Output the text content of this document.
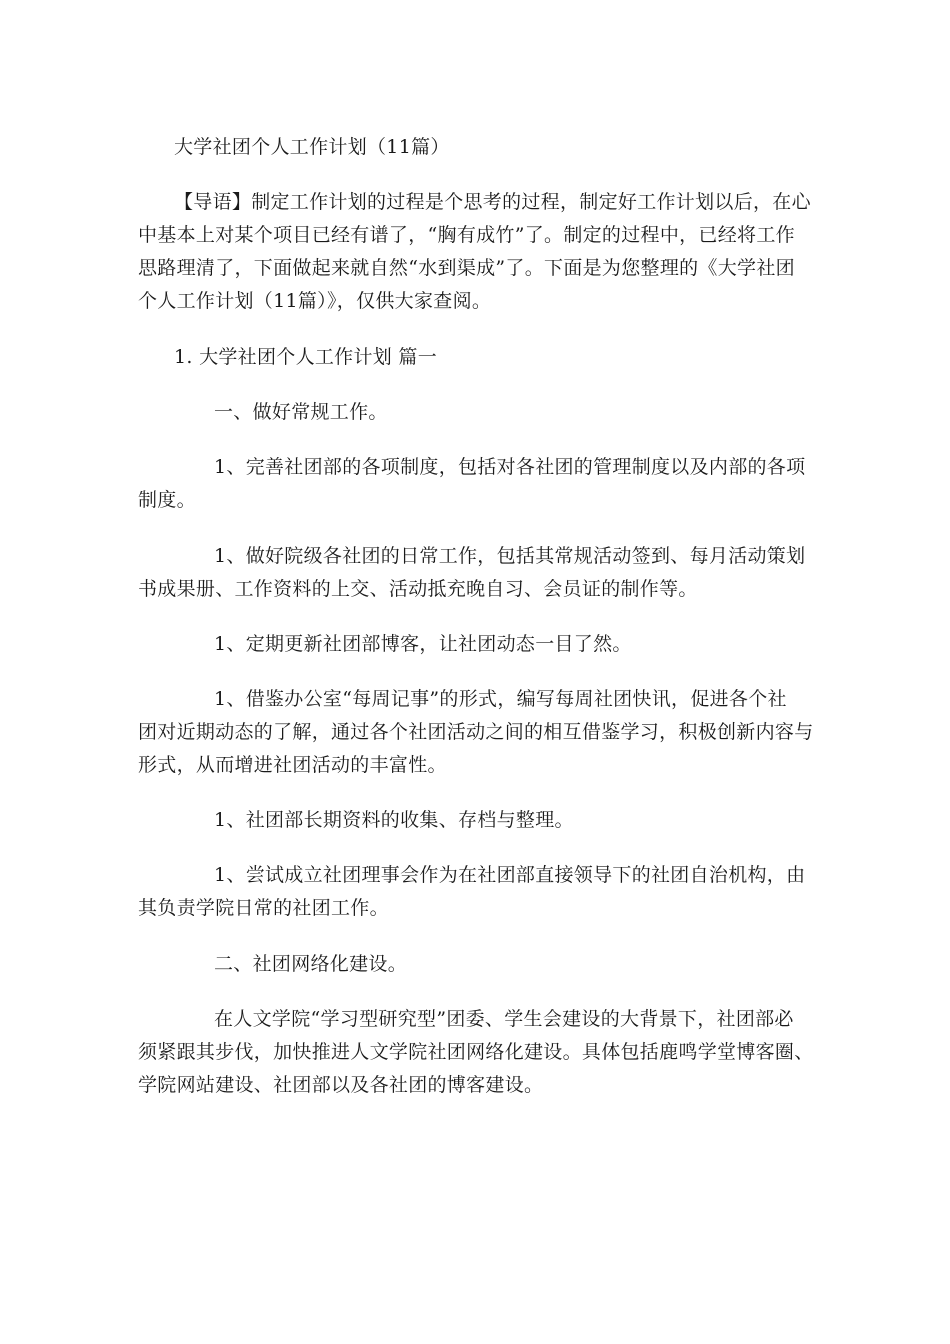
大学社团个人工作计划（11篇）
【导语】制定工作计划的过程是个思考的过程，制定好工作计划以后，在心
中基本上对某个项目已经有谱了，“胸有成竹”了。制定的过程中，已经将工作
思路理清了，下面做起来就自然“水到渠成”了。下面是为您整理的《大学社团
个人工作计划（11篇）》，仅供大家查阅。
1. 大学社团个人工作计划 篇一
一、做好常规工作。
1、完善社团部的各项制度，包括对各社团的管理制度以及内部的各项
制度。
1、做好院级各社团的日常工作，包括其常规活动签到、每月活动策划
书成果册、工作资料的上交、活动抵充晚自习、会员证的制作等。
1、定期更新社团部博客，让社团动态一目了然。
1、借鉴办公室“每周记事”的形式，编写每周社团快讯，促进各个社
团对近期动态的了解，通过各个社团活动之间的相互借鉴学习，积极创新内容与
形式，从而增进社团活动的丰富性。
1、社团部长期资料的收集、存档与整理。
1、尝试成立社团理事会作为在社团部直接领导下的社团自治机构，由
其负责学院日常的社团工作。
二、社团网络化建设。
在人文学院“学习型研究型”团委、学生会建设的大背景下，社团部必
须紧跟其步伐，加快推进人文学院社团网络化建设。具体包括鹿鸣学堂博客圈、
学院网站建设、社团部以及各社团的博客建设。
